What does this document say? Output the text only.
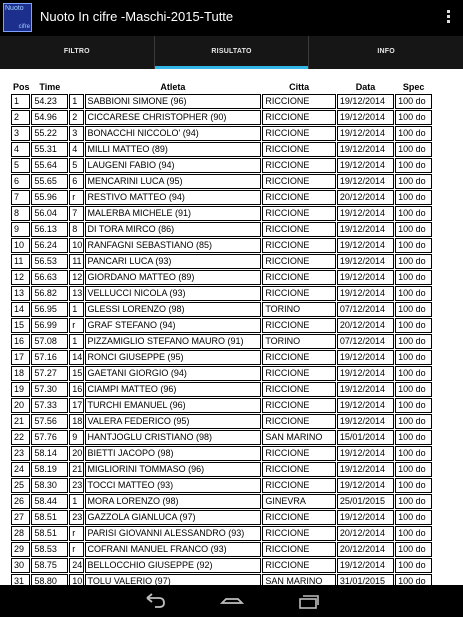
Nuoto
cifre
Nuoto In cifre -Maschi-2015-Tutte
FILTRO	RISULTATO	INFO
Pos	Time		Atleta	Citta	Data	Spec
1	54.23	1	SABBIONI SIMONE (96)	RICCIONE	19/12/2014	100 do
2	54.96	2	CICCARESE CHRISTOPHER (90)	RICCIONE	19/12/2014	100 do
3	55.22	3	BONACCHI NICCOLO' (94)	RICCIONE	19/12/2014	100 do
4	55.31	4	MILLI MATTEO (89)	RICCIONE	19/12/2014	100 do
5	55.64	5	LAUGENI FABIO (94)	RICCIONE	19/12/2014	100 do
6	55.65	6	MENCARINI LUCA (95)	RICCIONE	19/12/2014	100 do
7	55.96	r	RESTIVO MATTEO (94)	RICCIONE	20/12/2014	100 do
8	56.04	7	MALERBA MICHELE (91)	RICCIONE	19/12/2014	100 do
9	56.13	8	DI TORA MIRCO (86)	RICCIONE	19/12/2014	100 do
10	56.24	10	RANFAGNI SEBASTIANO (85)	RICCIONE	19/12/2014	100 do
11	56.53	11	PANCARI LUCA (93)	RICCIONE	19/12/2014	100 do
12	56.63	12	GIORDANO MATTEO (89)	RICCIONE	19/12/2014	100 do
13	56.82	13	VELLUCCI NICOLA (93)	RICCIONE	19/12/2014	100 do
14	56.95	1	GLESSI LORENZO (98)	TORINO	07/12/2014	100 do
15	56.99	r	GRAF STEFANO (94)	RICCIONE	20/12/2014	100 do
16	57.08	1	PIZZAMIGLIO STEFANO MAURO (91)	TORINO	07/12/2014	100 do
17	57.16	14	RONCI GIUSEPPE (95)	RICCIONE	19/12/2014	100 do
18	57.27	15	GAETANI GIORGIO (94)	RICCIONE	19/12/2014	100 do
19	57.30	16	CIAMPI MATTEO (96)	RICCIONE	19/12/2014	100 do
20	57.33	17	TURCHI EMANUEL (96)	RICCIONE	19/12/2014	100 do
21	57.56	18	VALERA FEDERICO (95)	RICCIONE	19/12/2014	100 do
22	57.76	9	HANTJOGLU CRISTIANO (98)	SAN MARINO	15/01/2014	100 do
23	58.14	20	BIETTI JACOPO (98)	RICCIONE	19/12/2014	100 do
24	58.19	21	MIGLIORINI TOMMASO (96)	RICCIONE	19/12/2014	100 do
25	58.30	23	TOCCI MATTEO (93)	RICCIONE	19/12/2014	100 do
26	58.44	1	MORA LORENZO (98)	GINEVRA	25/01/2015	100 do
27	58.51	23	GAZZOLA GIANLUCA (97)	RICCIONE	19/12/2014	100 do
28	58.51	r	PARISI GIOVANNI ALESSANDRO (93)	RICCIONE	20/12/2014	100 do
29	58.53	r	COFRANI MANUEL FRANCO (93)	RICCIONE	20/12/2014	100 do
30	58.75	24	BELLOCCHIO GIUSEPPE (92)	RICCIONE	19/12/2014	100 do
31	58.80	10	TOLU VALERIO (97)	SAN MARINO	31/01/2015	100 do
